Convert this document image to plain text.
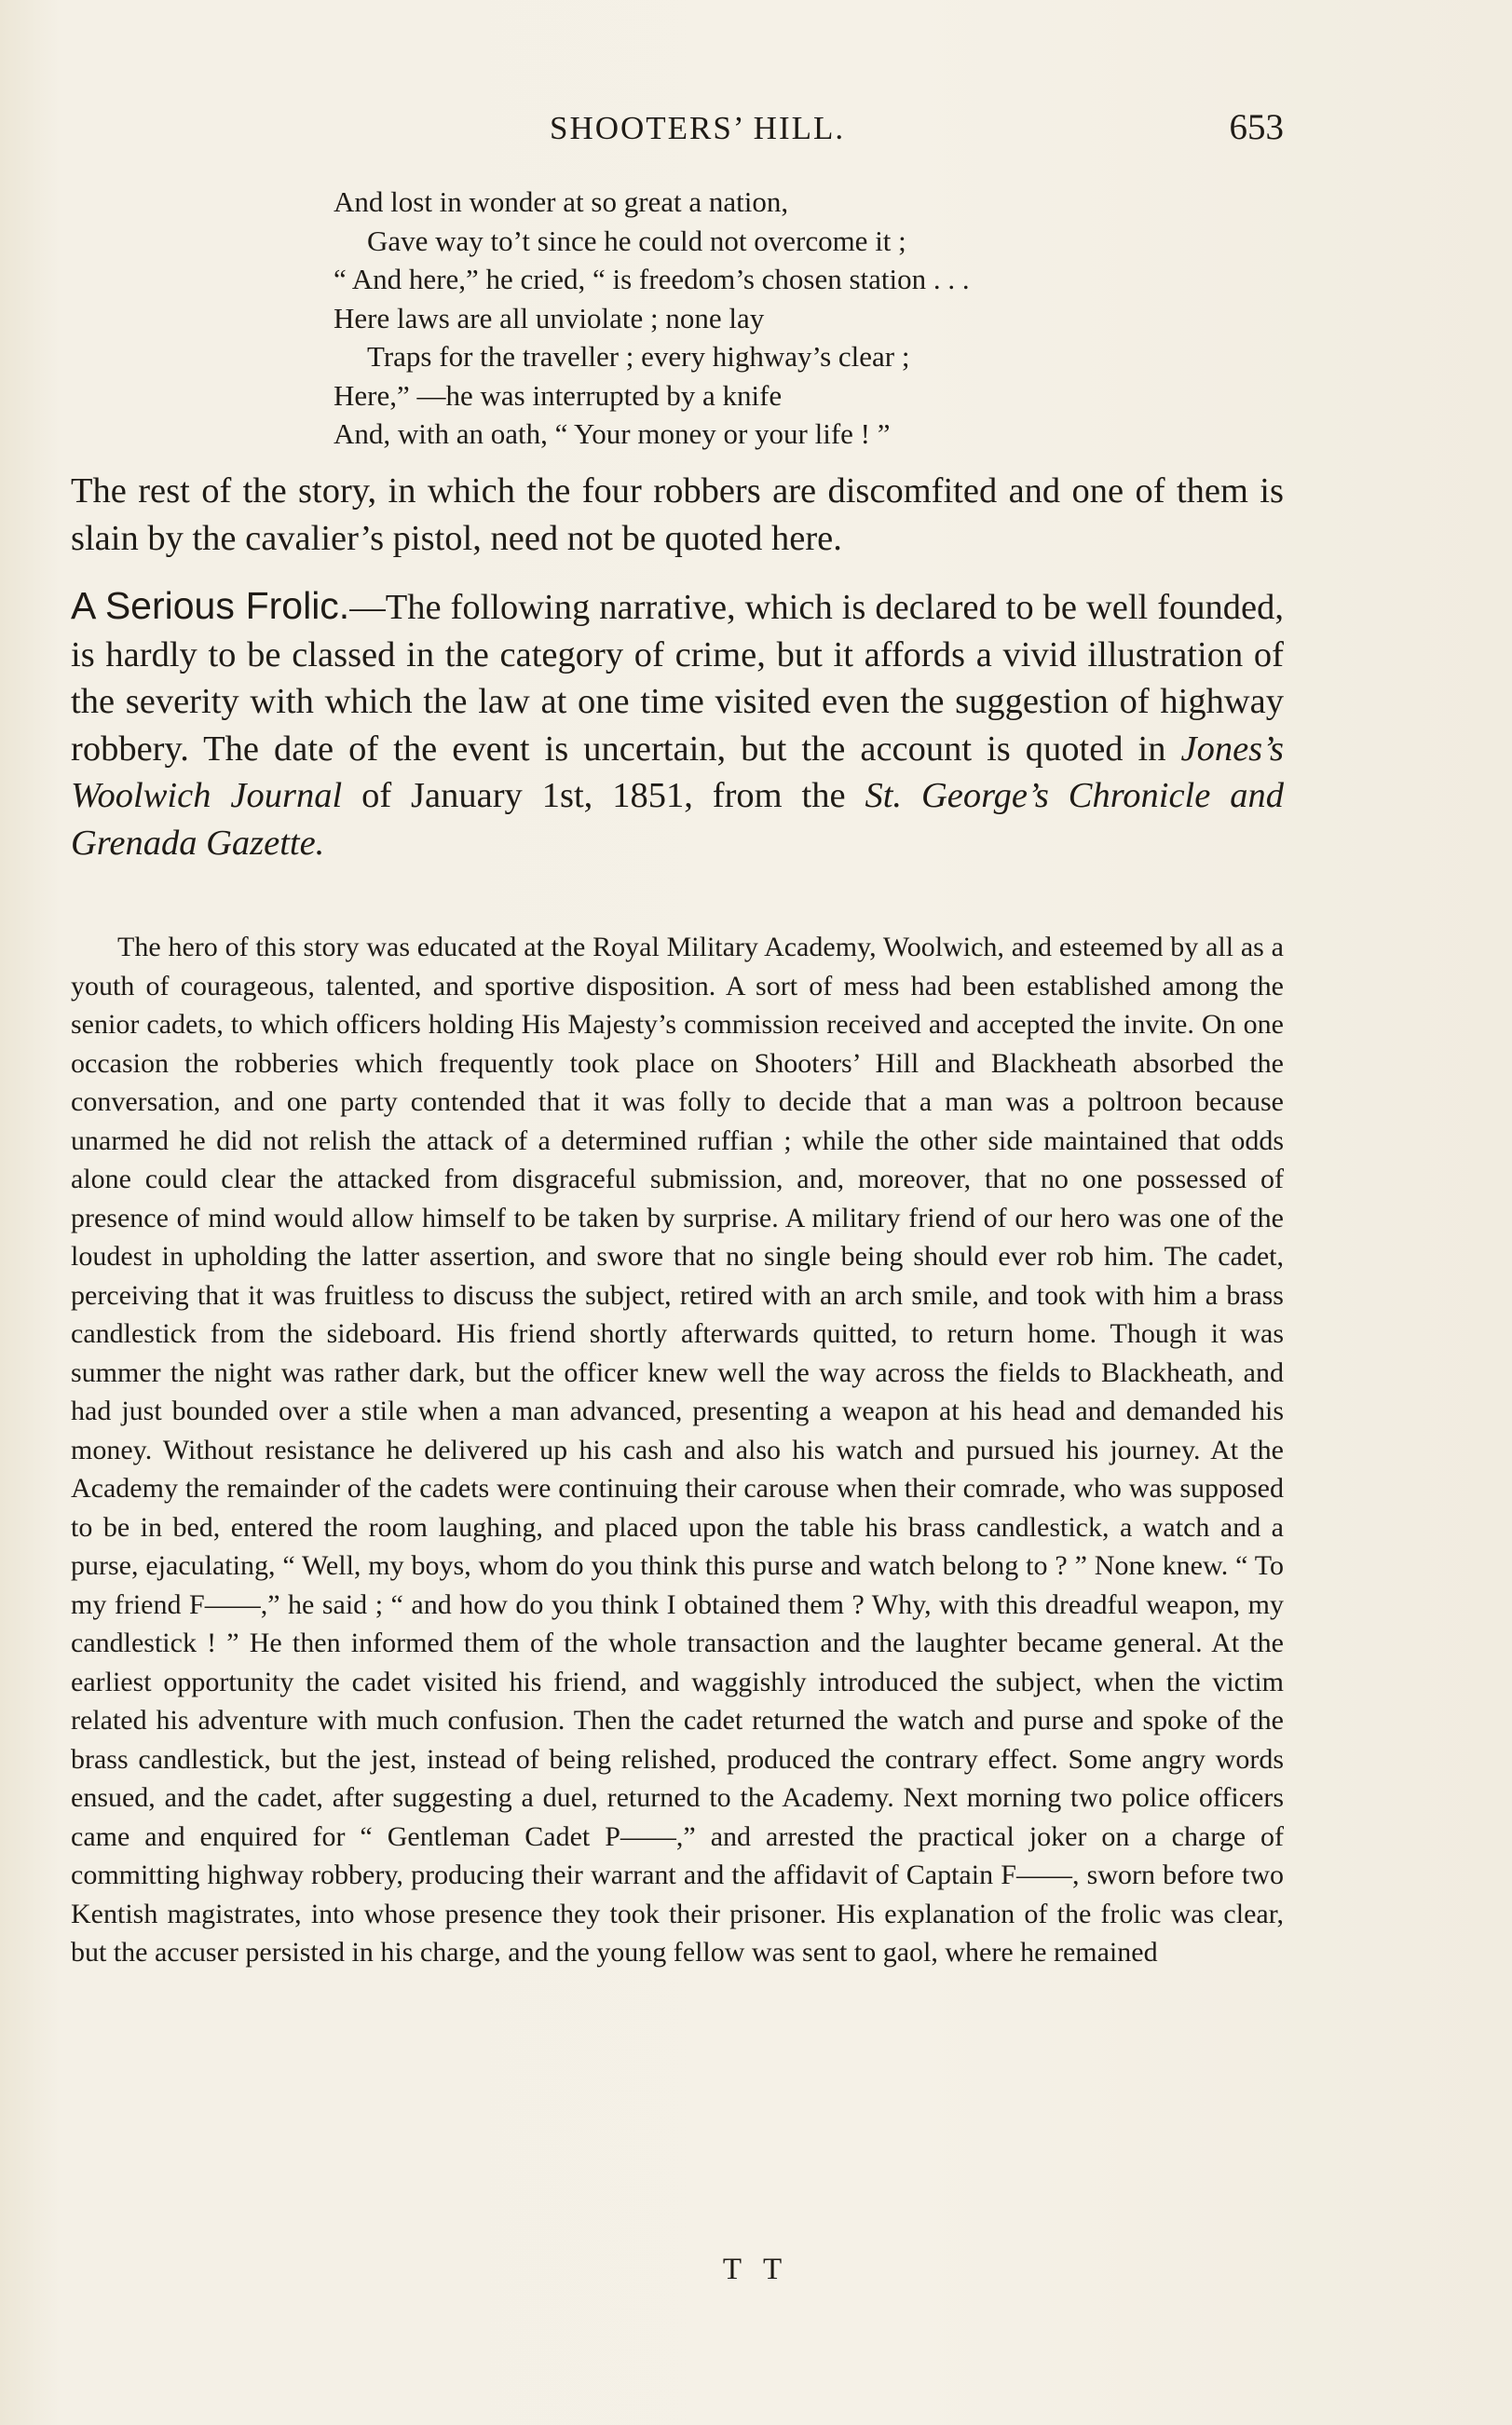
SHOOTERS’ HILL.	653
And lost in wonder at so great a nation,
Gave way to’t since he could not overcome it ;
“ And here,” he cried, “ is freedom’s chosen station . . .
Here laws are all unviolate ; none lay
Traps for the traveller ; every highway’s clear ;
Here,” —he was interrupted by a knife
And, with an oath, “ Your money or your life ! ”

The rest of the story, in which the four robbers are discomfited and one of them is slain by the cavalier’s pistol, need not be quoted here.

A Serious Frolic.—The following narrative, which is declared to be well founded, is hardly to be classed in the category of crime, but it affords a vivid illustration of the severity with which the law at one time visited even the suggestion of highway robbery. The date of the event is uncertain, but the account is quoted in Jones’s Woolwich Journal of January 1st, 1851, from the St. George’s Chronicle and Grenada Gazette.

The hero of this story was educated at the Royal Military Academy, Woolwich, and esteemed by all as a youth of courageous, talented, and sportive disposition. A sort of mess had been established among the senior cadets, to which officers holding His Majesty’s commission received and accepted the invite. On one occasion the robberies which frequently took place on Shooters’ Hill and Blackheath absorbed the conversation, and one party contended that it was folly to decide that a man was a poltroon because unarmed he did not relish the attack of a determined ruffian ; while the other side maintained that odds alone could clear the attacked from disgraceful submission, and, moreover, that no one possessed of presence of mind would allow himself to be taken by surprise. A military friend of our hero was one of the loudest in upholding the latter assertion, and swore that no single being should ever rob him. The cadet, perceiving that it was fruitless to discuss the subject, retired with an arch smile, and took with him a brass candlestick from the sideboard. His friend shortly afterwards quitted, to return home. Though it was summer the night was rather dark, but the officer knew well the way across the fields to Blackheath, and had just bounded over a stile when a man advanced, presenting a weapon at his head and demanded his money. Without resistance he delivered up his cash and also his watch and pursued his journey. At the Academy the remainder of the cadets were continuing their carouse when their comrade, who was supposed to be in bed, entered the room laughing, and placed upon the table his brass candlestick, a watch and a purse, ejaculating, “ Well, my boys, whom do you think this purse and watch belong to ? ” None knew. “ To my friend F——,” he said ; “ and how do you think I obtained them ? Why, with this dreadful weapon, my candlestick ! ” He then informed them of the whole transaction and the laughter became general. At the earliest opportunity the cadet visited his friend, and waggishly introduced the subject, when the victim related his adventure with much confusion. Then the cadet returned the watch and purse and spoke of the brass candlestick, but the jest, instead of being relished, produced the contrary effect. Some angry words ensued, and the cadet, after suggesting a duel, returned to the Academy. Next morning two police officers came and enquired for “ Gentleman Cadet P——,” and arrested the practical joker on a charge of committing highway robbery, producing their warrant and the affidavit of Captain F——, sworn before two Kentish magistrates, into whose presence they took their prisoner. His explanation of the frolic was clear, but the accuser persisted in his charge, and the young fellow was sent to gaol, where he remained

T T
